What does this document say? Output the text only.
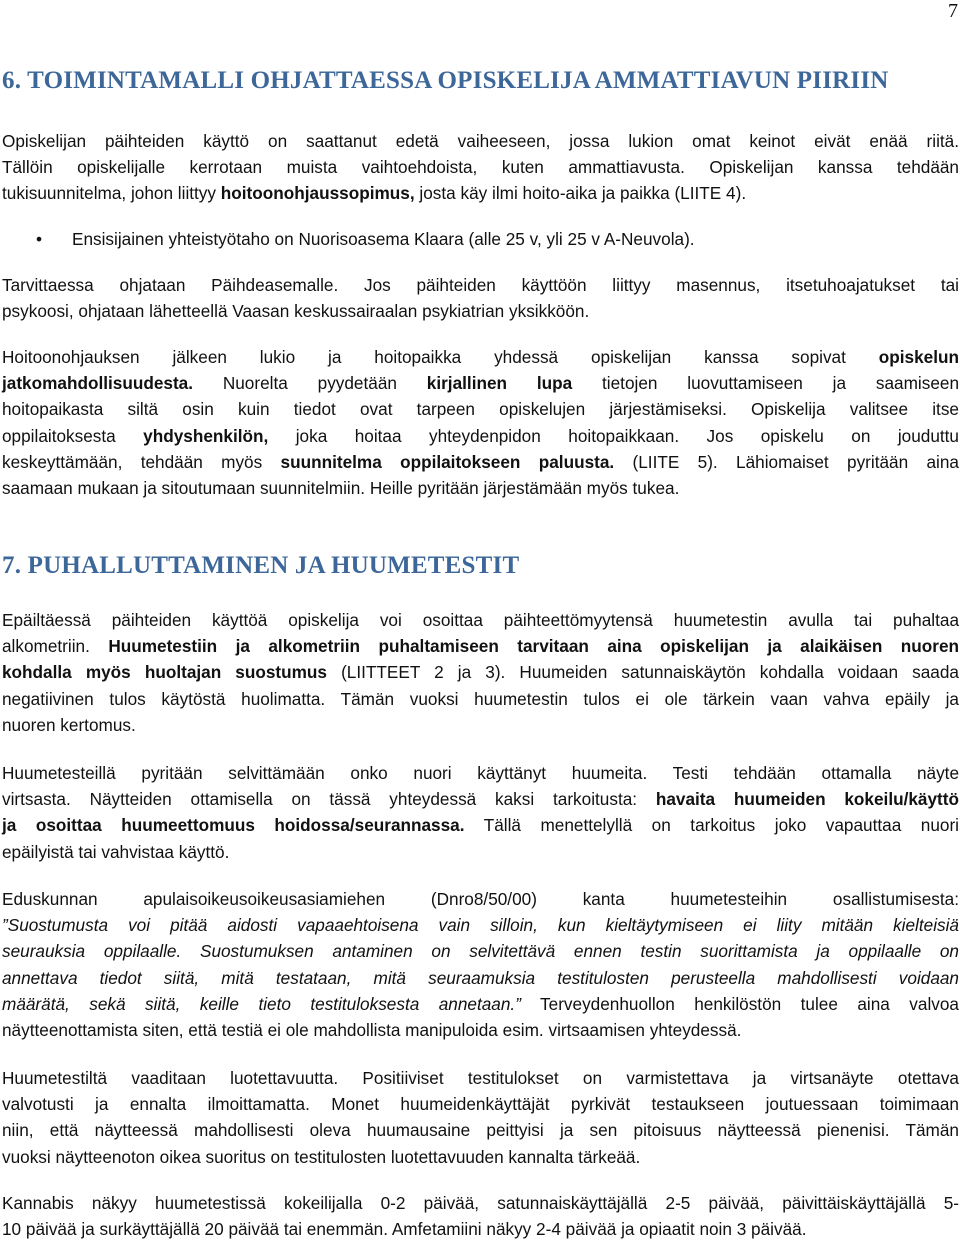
7
6. TOIMINTAMALLI OHJATTAESSA OPISKELIJA AMMATTIAVUN PIIRIIN
Opiskelijan päihteiden käyttö on saattanut edetä vaiheeseen, jossa lukion omat keinot eivät enää riitä.
Tällöin opiskelijalle kerrotaan muista vaihtoehdoista, kuten ammattiavusta. Opiskelijan kanssa tehdään
tukisuunnitelma, johon liittyy hoitoonohjaussopimus, josta käy ilmi hoito-aika ja paikka (LIITE 4).
• Ensisijainen yhteistyötaho on Nuorisoasema Klaara (alle 25 v, yli 25 v A-Neuvola).
Tarvittaessa ohjataan Päihdeasemalle. Jos päihteiden käyttöön liittyy masennus, itsetuhoajatukset tai
psykoosi, ohjataan lähetteellä Vaasan keskussairaalan psykiatrian yksikköön.
Hoitoonohjauksen jälkeen lukio ja hoitopaikka yhdessä opiskelijan kanssa sopivat opiskelun
jatkomahdollisuudesta. Nuorelta pyydetään kirjallinen lupa tietojen luovuttamiseen ja saamiseen
hoitopaikasta siltä osin kuin tiedot ovat tarpeen opiskelujen järjestämiseksi. Opiskelija valitsee itse
oppilaitoksesta yhdyshenkilön, joka hoitaa yhteydenpidon hoitopaikkaan. Jos opiskelu on jouduttu
keskeyttämään, tehdään myös suunnitelma oppilaitokseen paluusta. (LIITE 5). Lähiomaiset pyritään aina
saamaan mukaan ja sitoutumaan suunnitelmiin. Heille pyritään järjestämään myös tukea.
7. PUHALLUTTAMINEN JA HUUMETESTIT
Epäiltäessä päihteiden käyttöä opiskelija voi osoittaa päihteettömyytensä huumetestin avulla tai puhaltaa
alkometriin. Huumetestiin ja alkometriin puhaltamiseen tarvitaan aina opiskelijan ja alaikäisen nuoren
kohdalla myös huoltajan suostumus (LIITTEET 2 ja 3). Huumeiden satunnaiskäytön kohdalla voidaan saada
negatiivinen tulos käytöstä huolimatta. Tämän vuoksi huumetestin tulos ei ole tärkein vaan vahva epäily ja
nuoren kertomus.
Huumetesteillä pyritään selvittämään onko nuori käyttänyt huumeita. Testi tehdään ottamalla näyte
virtsasta. Näytteiden ottamisella on tässä yhteydessä kaksi tarkoitusta: havaita huumeiden kokeilu/käyttö
ja osoittaa huumeettomuus hoidossa/seurannassa. Tällä menettelyllä on tarkoitus joko vapauttaa nuori
epäilyistä tai vahvistaa käyttö.
Eduskunnan apulaisoikeusoikeusasiamiehen (Dnro8/50/00) kanta huumetesteihin osallistumisesta:
”Suostumusta voi pitää aidosti vapaaehtoisena vain silloin, kun kieltäytymiseen ei liity mitään kielteisiä
seurauksia oppilaalle. Suostumuksen antaminen on selvitettävä ennen testin suorittamista ja oppilaalle on
annettava tiedot siitä, mitä testataan, mitä seuraamuksia testitulosten perusteella mahdollisesti voidaan
määrätä, sekä siitä, keille tieto testituloksesta annetaan.” Terveydenhuollon henkilöstön tulee aina valvoa
näytteenottamista siten, että testiä ei ole mahdollista manipuloida esim. virtsaamisen yhteydessä.
Huumetestiltä vaaditaan luotettavuutta. Positiiviset testitulokset on varmistettava ja virtsanäyte otettava
valvotusti ja ennalta ilmoittamatta. Monet huumeidenkäyttäjät pyrkivät testaukseen joutuessaan toimimaan
niin, että näytteessä mahdollisesti oleva huumausaine peittyisi ja sen pitoisuus näytteessä pienenisi. Tämän
vuoksi näytteenoton oikea suoritus on testitulosten luotettavuuden kannalta tärkeää.
Kannabis näkyy huumetestissä kokeilijalla 0-2 päivää, satunnaiskäyttäjällä 2-5 päivää, päivittäiskäyttäjällä 5-
10 päivää ja surkäyttäjällä 20 päivää tai enemmän. Amfetamiini näkyy 2-4 päivää ja opiaatit noin 3 päivää.
